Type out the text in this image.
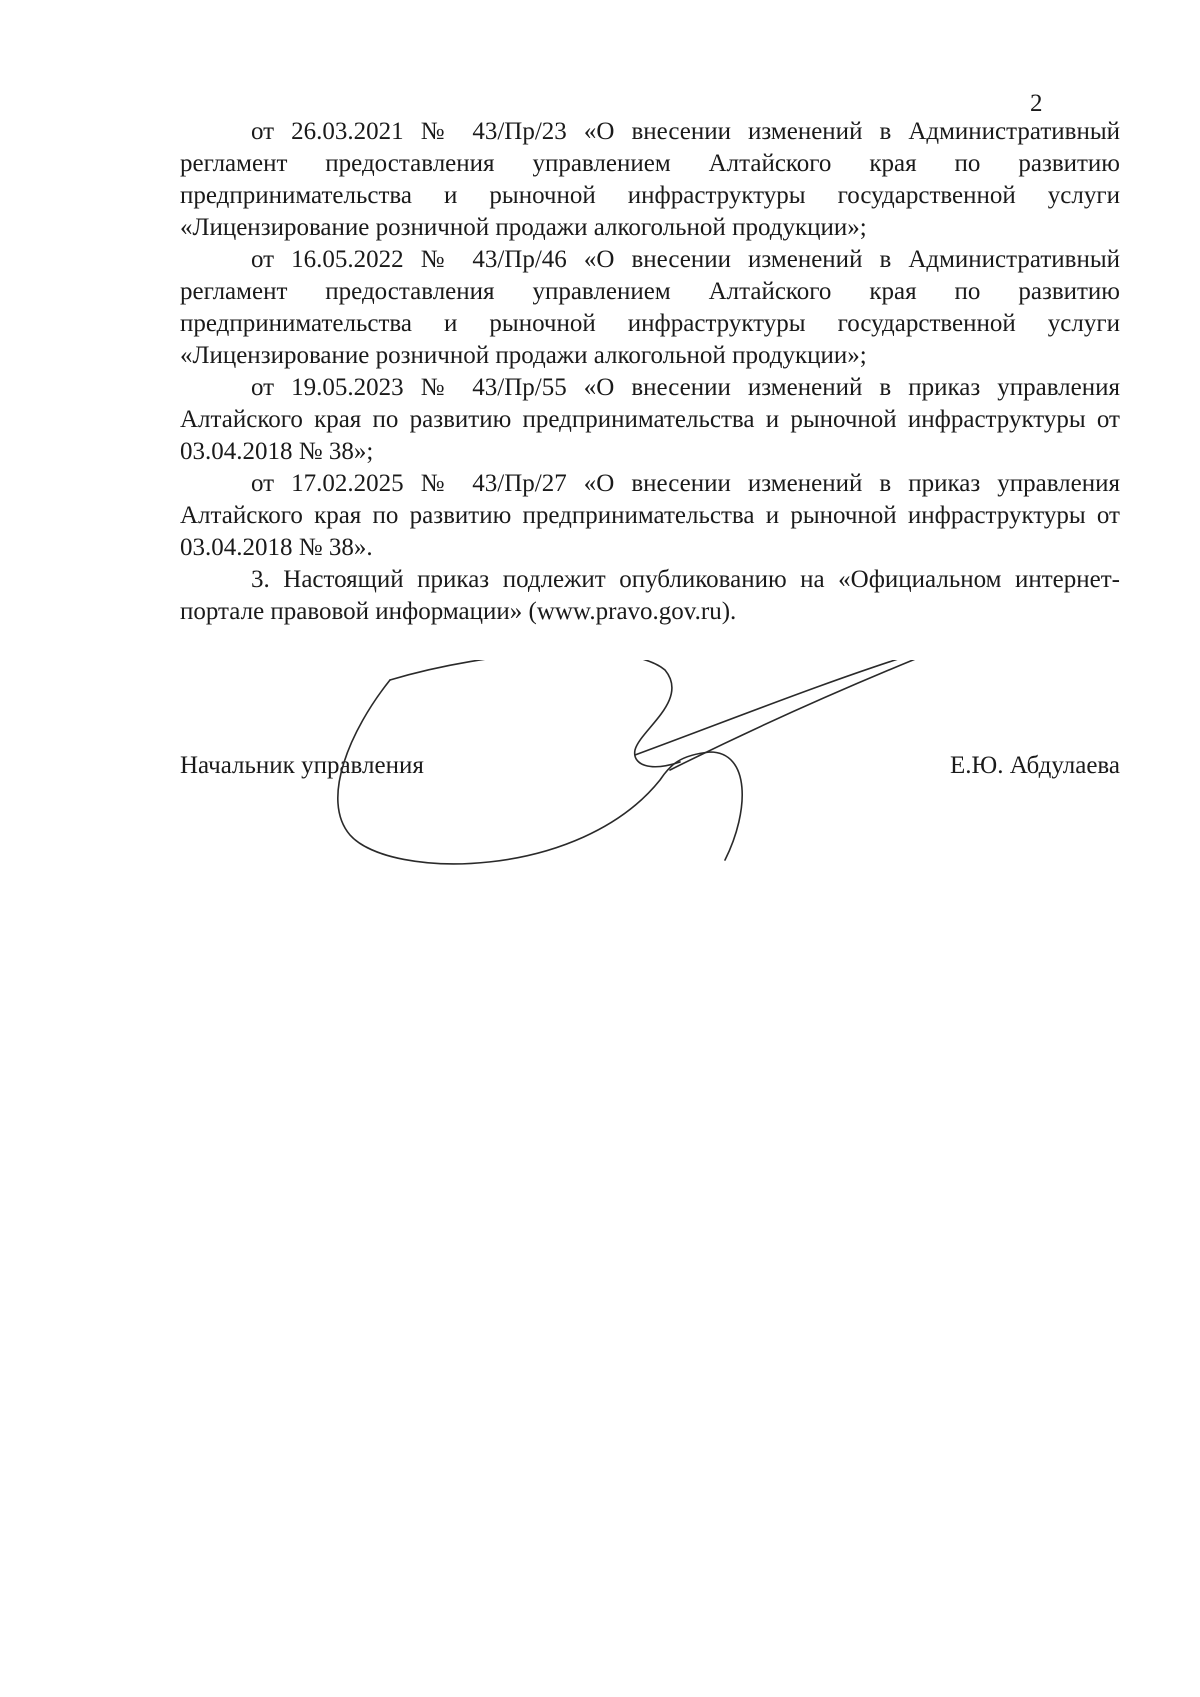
2

от 26.03.2021 № 43/Пр/23 «О внесении изменений в Административный регламент предоставления управлением Алтайского края по развитию предпринимательства и рыночной инфраструктуры государственной услуги «Лицензирование розничной продажи алкогольной продукции»;

от 16.05.2022 № 43/Пр/46 «О внесении изменений в Административный регламент предоставления управлением Алтайского края по развитию предпринимательства и рыночной инфраструктуры государственной услуги «Лицензирование розничной продажи алкогольной продукции»;

от 19.05.2023 № 43/Пр/55 «О внесении изменений в приказ управления Алтайского края по развитию предпринимательства и рыночной инфраструктуры от 03.04.2018 № 38»;

от 17.02.2025 № 43/Пр/27 «О внесении изменений в приказ управления Алтайского края по развитию предпринимательства и рыночной инфраструктуры от 03.04.2018 № 38».

3. Настоящий приказ подлежит опубликованию на «Официальном интернет-портале правовой информации» (www.pravo.gov.ru).

Начальник управления	Е.Ю. Абдулаева
